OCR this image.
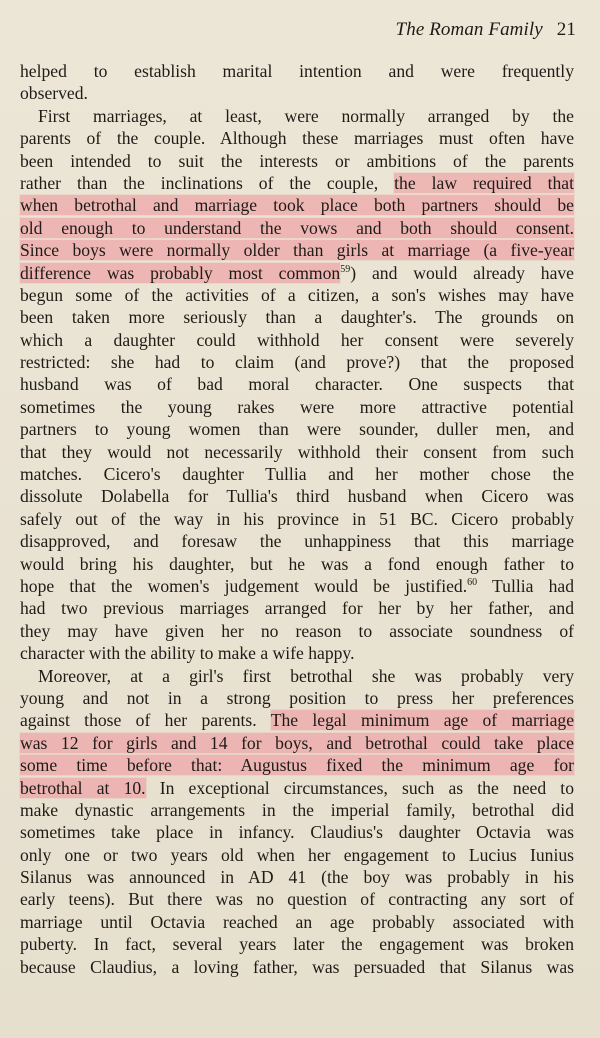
The Roman Family 21
helped to establish marital intention and were frequently
observed.
First marriages, at least, were normally arranged by the
parents of the couple. Although these marriages must often have
been intended to suit the interests or ambitions of the parents
rather than the inclinations of the couple, the law required that
when betrothal and marriage took place both partners should be
old enough to understand the vows and both should consent.
Since boys were normally older than girls at marriage (a five-year
difference was probably most common$^{59}$) and would already have
begun some of the activities of a citizen, a son's wishes may have
been taken more seriously than a daughter's. The grounds on
which a daughter could withhold her consent were severely
restricted: she had to claim (and prove?) that the proposed
husband was of bad moral character. One suspects that
sometimes the young rakes were more attractive potential
partners to young women than were sounder, duller men, and
that they would not necessarily withhold their consent from such
matches. Cicero's daughter Tullia and her mother chose the
dissolute Dolabella for Tullia's third husband when Cicero was
safely out of the way in his province in 51 BC. Cicero probably
disapproved, and foresaw the unhappiness that this marriage
would bring his daughter, but he was a fond enough father to
hope that the women's judgement would be justified.$^{60}$ Tullia had
had two previous marriages arranged for her by her father, and
they may have given her no reason to associate soundness of
character with the ability to make a wife happy.
Moreover, at a girl's first betrothal she was probably very
young and not in a strong position to press her preferences
against those of her parents. The legal minimum age of marriage
was 12 for girls and 14 for boys, and betrothal could take place
some time before that: Augustus fixed the minimum age for
betrothal at 10. In exceptional circumstances, such as the need to
make dynastic arrangements in the imperial family, betrothal did
sometimes take place in infancy. Claudius's daughter Octavia was
only one or two years old when her engagement to Lucius Iunius
Silanus was announced in AD 41 (the boy was probably in his
early teens). But there was no question of contracting any sort of
marriage until Octavia reached an age probably associated with
puberty. In fact, several years later the engagement was broken
because Claudius, a loving father, was persuaded that Silanus was
